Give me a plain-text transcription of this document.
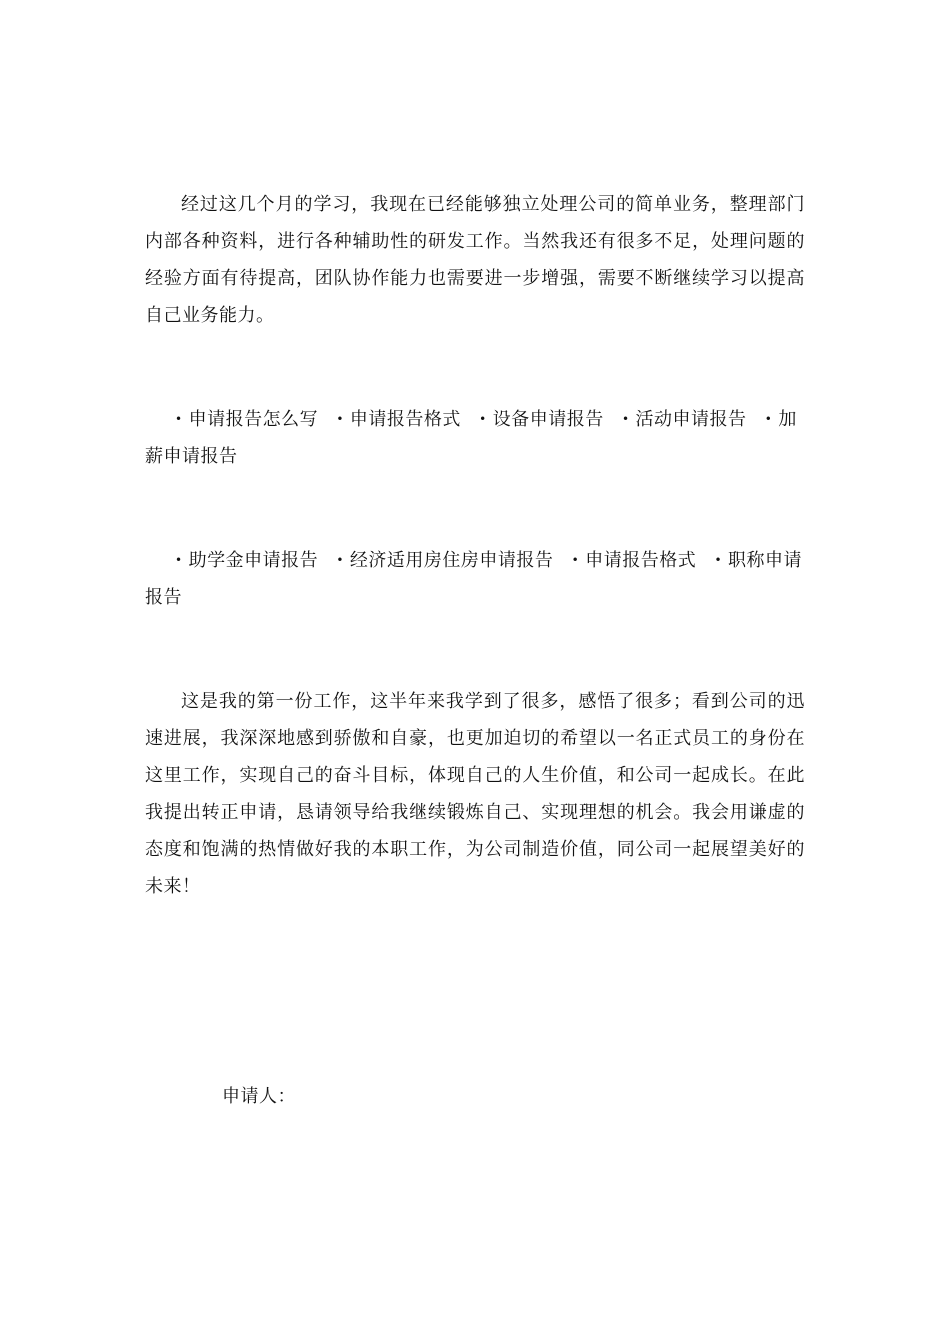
经过这几个月的学习，我现在已经能够独立处理公司的简单业务，整理部门内部各种资料，进行各种辅助性的研发工作。当然我还有很多不足，处理问题的经验方面有待提高，团队协作能力也需要进一步增强，需要不断继续学习以提高自己业务能力。

• 申请报告怎么写 • 申请报告格式 • 设备申请报告 • 活动申请报告 • 加薪申请报告

• 助学金申请报告 • 经济适用房住房申请报告 • 申请报告格式 • 职称申请报告

这是我的第一份工作，这半年来我学到了很多，感悟了很多；看到公司的迅速进展，我深深地感到骄傲和自豪，也更加迫切的希望以一名正式员工的身份在这里工作，实现自己的奋斗目标，体现自己的人生价值，和公司一起成长。在此我提出转正申请，恳请领导给我继续锻炼自己、实现理想的机会。我会用谦虚的态度和饱满的热情做好我的本职工作，为公司制造价值，同公司一起展望美好的未来！

申请人：
